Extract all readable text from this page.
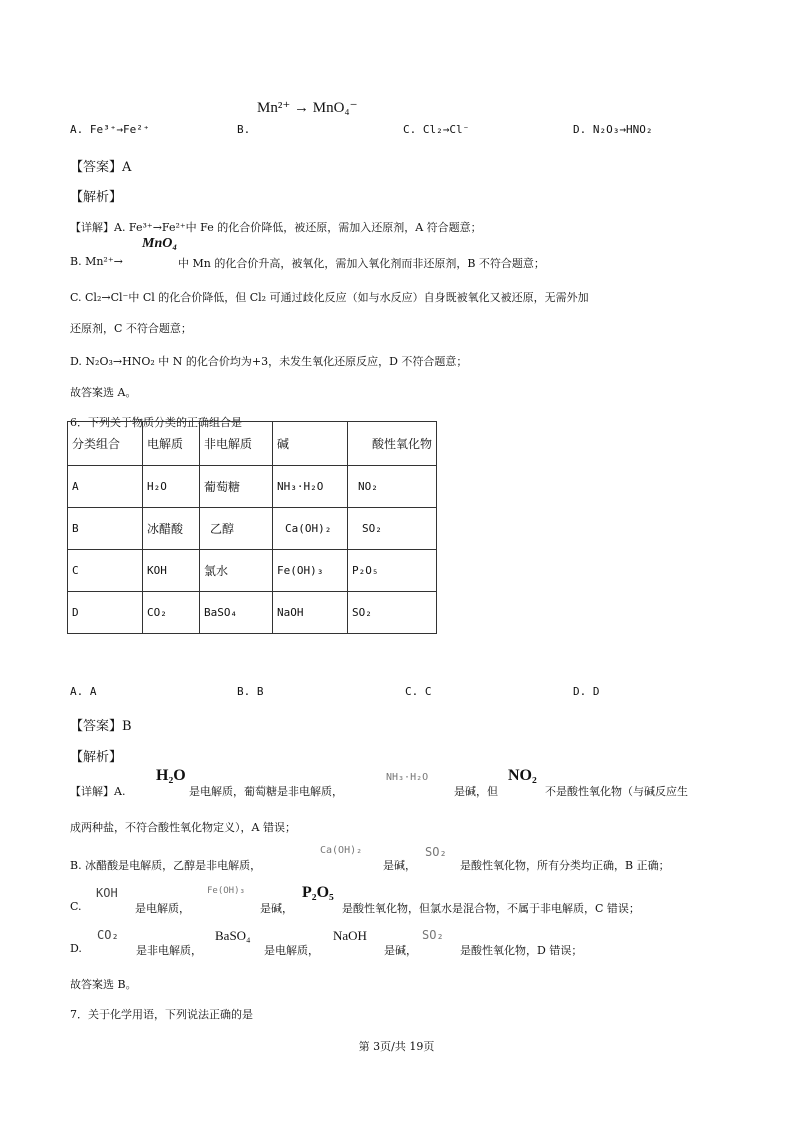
Mn²⁺ → MnO₄⁻
A. Fe³⁺→Fe²⁺	B.	C. Cl₂→Cl⁻	D. N₂O₃→HNO₂
【答案】A
【解析】
【详解】A. Fe³⁺→Fe²⁺中 Fe 的化合价降低，被还原，需加入还原剂，A 符合题意；
MnO₄
B. Mn²⁺→	中 Mn 的化合价升高，被氧化，需加入氧化剂而非还原剂，B 不符合题意；
C. Cl₂→Cl⁻中 Cl 的化合价降低，但 Cl₂ 可通过歧化反应（如与水反应）自身既被氧化又被还原，无需外加
还原剂，C 不符合题意；
D. N₂O₃→HNO₂ 中 N 的化合价均为+3，未发生氧化还原反应，D 不符合题意；
故答案选 A。
6．下列关于物质分类的正确组合是
分类组合	电解质	非电解质	碱	酸性氧化物
A	H₂O	葡萄糖	NH₃·H₂O	NO₂
B	冰醋酸	乙醇	Ca(OH)₂	SO₂
C	KOH	氯水	Fe(OH)₃	P₂O₅
D	CO₂	BaSO₄	NaOH	SO₂
A. A	B. B	C. C	D. D
【答案】B
【解析】
【详解】A.
H₂O
是电解质，葡萄糖是非电解质，
NH₃·H₂O
是碱，但
NO₂
不是酸性氧化物（与碱反应生
成两种盐，不符合酸性氧化物定义），A 错误；
B. 冰醋酸是电解质，乙醇是非电解质，
Ca(OH)₂
是碱，
SO₂
是酸性氧化物，所有分类均正确，B 正确；
C.
KOH
是电解质，
Fe(OH)₃
是碱，
P₂O₅
是酸性氧化物，但氯水是混合物，不属于非电解质，C 错误；
D.
CO₂
是非电解质，
BaSO₄
是电解质，
NaOH
是碱，
SO₂
是酸性氧化物，D 错误；
故答案选 B。
7．关于化学用语，下列说法正确的是
第 3页/共 19页
